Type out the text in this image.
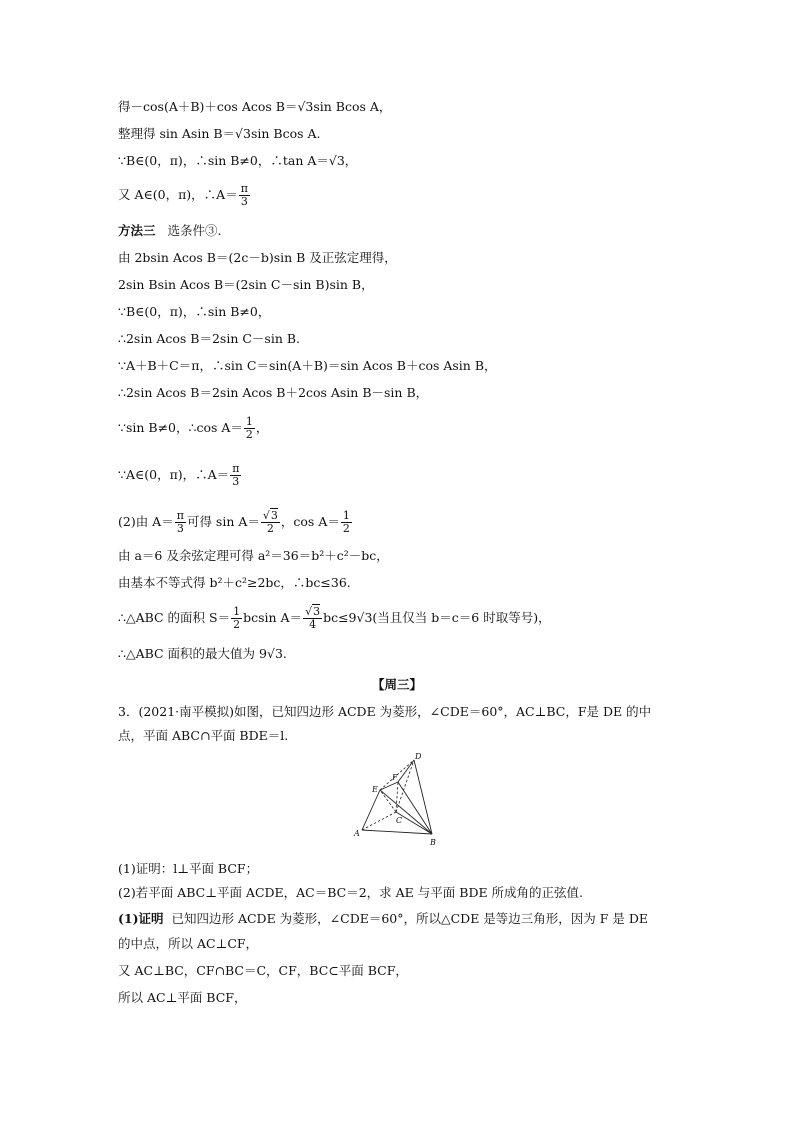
得－cos(A＋B)＋cos Acos B＝√3sin Bcos A，
整理得 sin Asin B＝√3sin Bcos A.
∵B∈(0，π)，∴sin B≠0，∴tan A＝√3，
又 A∈(0，π)，∴A＝ $\frac{\pi}{3}$
方法三 选条件③.
由 2bsin Acos B＝(2c－b)sin B 及正弦定理得，
2sin Bsin Acos B＝(2sin C－sin B)sin B，
∵B∈(0，π)，∴sin B≠0，
∴2sin Acos B＝2sin C－sin B.
∵A＋B＋C＝π，∴sin C＝sin(A＋B)＝sin Acos B＋cos Asin B，
∴2sin Acos B＝2sin Acos B＋2cos Asin B－sin B，
∵sin B≠0，∴cos $A= \frac{1}{2}$ ，
∵A∈(0，π)，∴A＝ $\frac{\pi}{3}$
(2)由 $A= \frac{\pi}{3}$ 可得 $\sin A= \frac{√3}{2}$ ，$\cos A= \frac{1}{2}$
由 a＝6 及余弦定理可得 a²＝36＝b²＋c²－bc，
由基本不等式得 b²＋c²≥2bc，∴bc≤36.
∴△ABC 的面积 $S= \frac{1}{2}$ bcsin $A= \frac{√3}{4} bc\le 9√3$(当且仅当 b＝c＝6 时取等号)，
∴△ABC 面积的最大值为 9√3.
【周三】
3．(2021·南平模拟)如图，已知四边形 ACDE 为菱形，∠CDE＝60°，AC⊥BC，F是 DE 的中
点，平面 ABC∩平面 BDE＝l.
A
B
C
D
E
F
(1)证明：l⊥平面 BCF；
(2)若平面 ABC⊥平面 ACDE，AC＝BC＝2，求 AE 与平面 BDE 所成角的正弦值.
(1)证明 已知四边形 ACDE 为菱形，∠CDE＝60°，所以△CDE 是等边三角形，因为 F 是 DE
的中点，所以 AC⊥CF，
又 AC⊥BC，CF∩BC＝C，CF，BC⊂平面 BCF，
所以 AC⊥平面 BCF，
